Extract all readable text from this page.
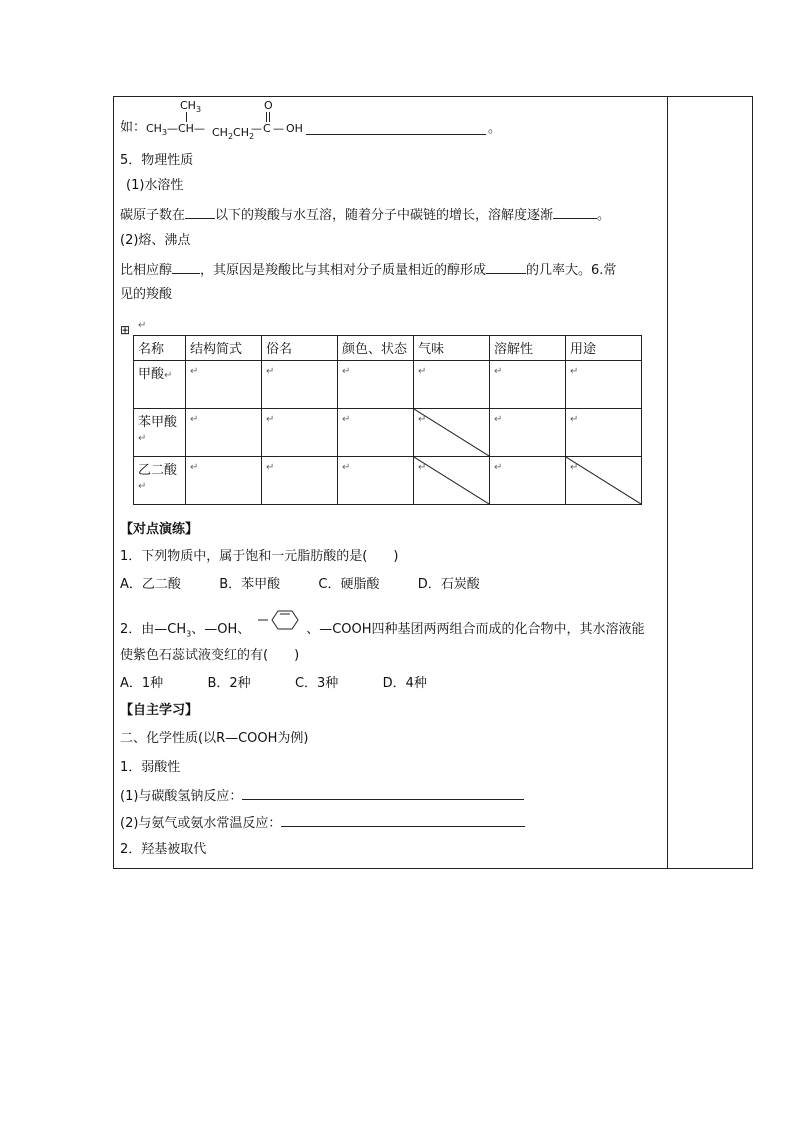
$CH_3$	O
如： $CH_3$ — CH — $CH_2CH_2$
— C — OH	。
5．物理性质
(1)水溶性
碳原子数在 以下的羧酸与水互溶，随着分子中碳链的增长，溶解度逐渐	。
(2)熔、沸点
比相应醇 ，其原因是羧酸比与其相对分子质量相近的醇形成	的几率大。6.常
见的羧酸
⊞ ↵
名称	结构简式	俗名	颜色、状态	气味	溶解性	用途
甲酸↵	↵	↵	↵	↵	↵	↵
苯甲酸↵	↵	↵	↵	↵	↵	↵
乙二酸↵	↵	↵	↵	↵	↵	↵
【对点演练】
1．下列物质中，属于饱和一元脂肪酸的是(　　)
A．乙二酸	B．苯甲酸	C．硬脂酸	D．石炭酸
2．由$—CH_3$、—OH、	、—COOH四种基团两两组合而成的化合物中，其水溶液能
使紫色石蕊试液变红的有(　　)
A．1种	B．2种	C．3种	D．4种
【自主学习】
二、化学性质(以R—COOH为例)
1．弱酸性
(1)与碳酸氢钠反应：
(2)与氨气或氨水常温反应：
2．羟基被取代
